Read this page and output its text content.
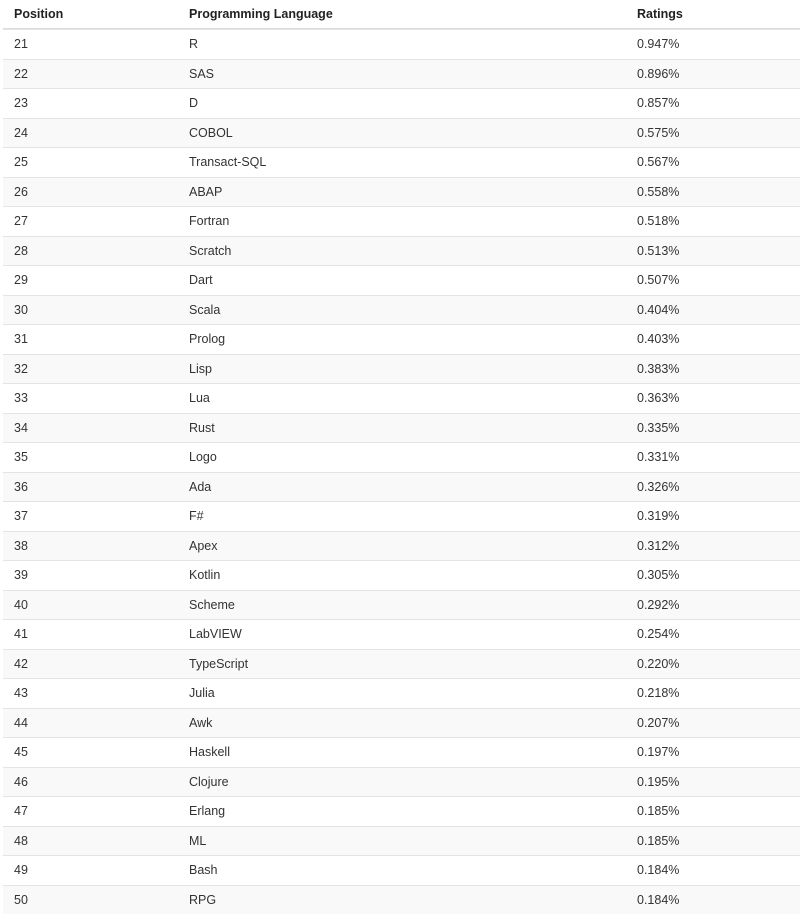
Position	Programming Language	Ratings
21	R	0.947%
22	SAS	0.896%
23	D	0.857%
24	COBOL	0.575%
25	Transact-SQL	0.567%
26	ABAP	0.558%
27	Fortran	0.518%
28	Scratch	0.513%
29	Dart	0.507%
30	Scala	0.404%
31	Prolog	0.403%
32	Lisp	0.383%
33	Lua	0.363%
34	Rust	0.335%
35	Logo	0.331%
36	Ada	0.326%
37	F#	0.319%
38	Apex	0.312%
39	Kotlin	0.305%
40	Scheme	0.292%
41	LabVIEW	0.254%
42	TypeScript	0.220%
43	Julia	0.218%
44	Awk	0.207%
45	Haskell	0.197%
46	Clojure	0.195%
47	Erlang	0.185%
48	ML	0.185%
49	Bash	0.184%
50	RPG	0.184%
